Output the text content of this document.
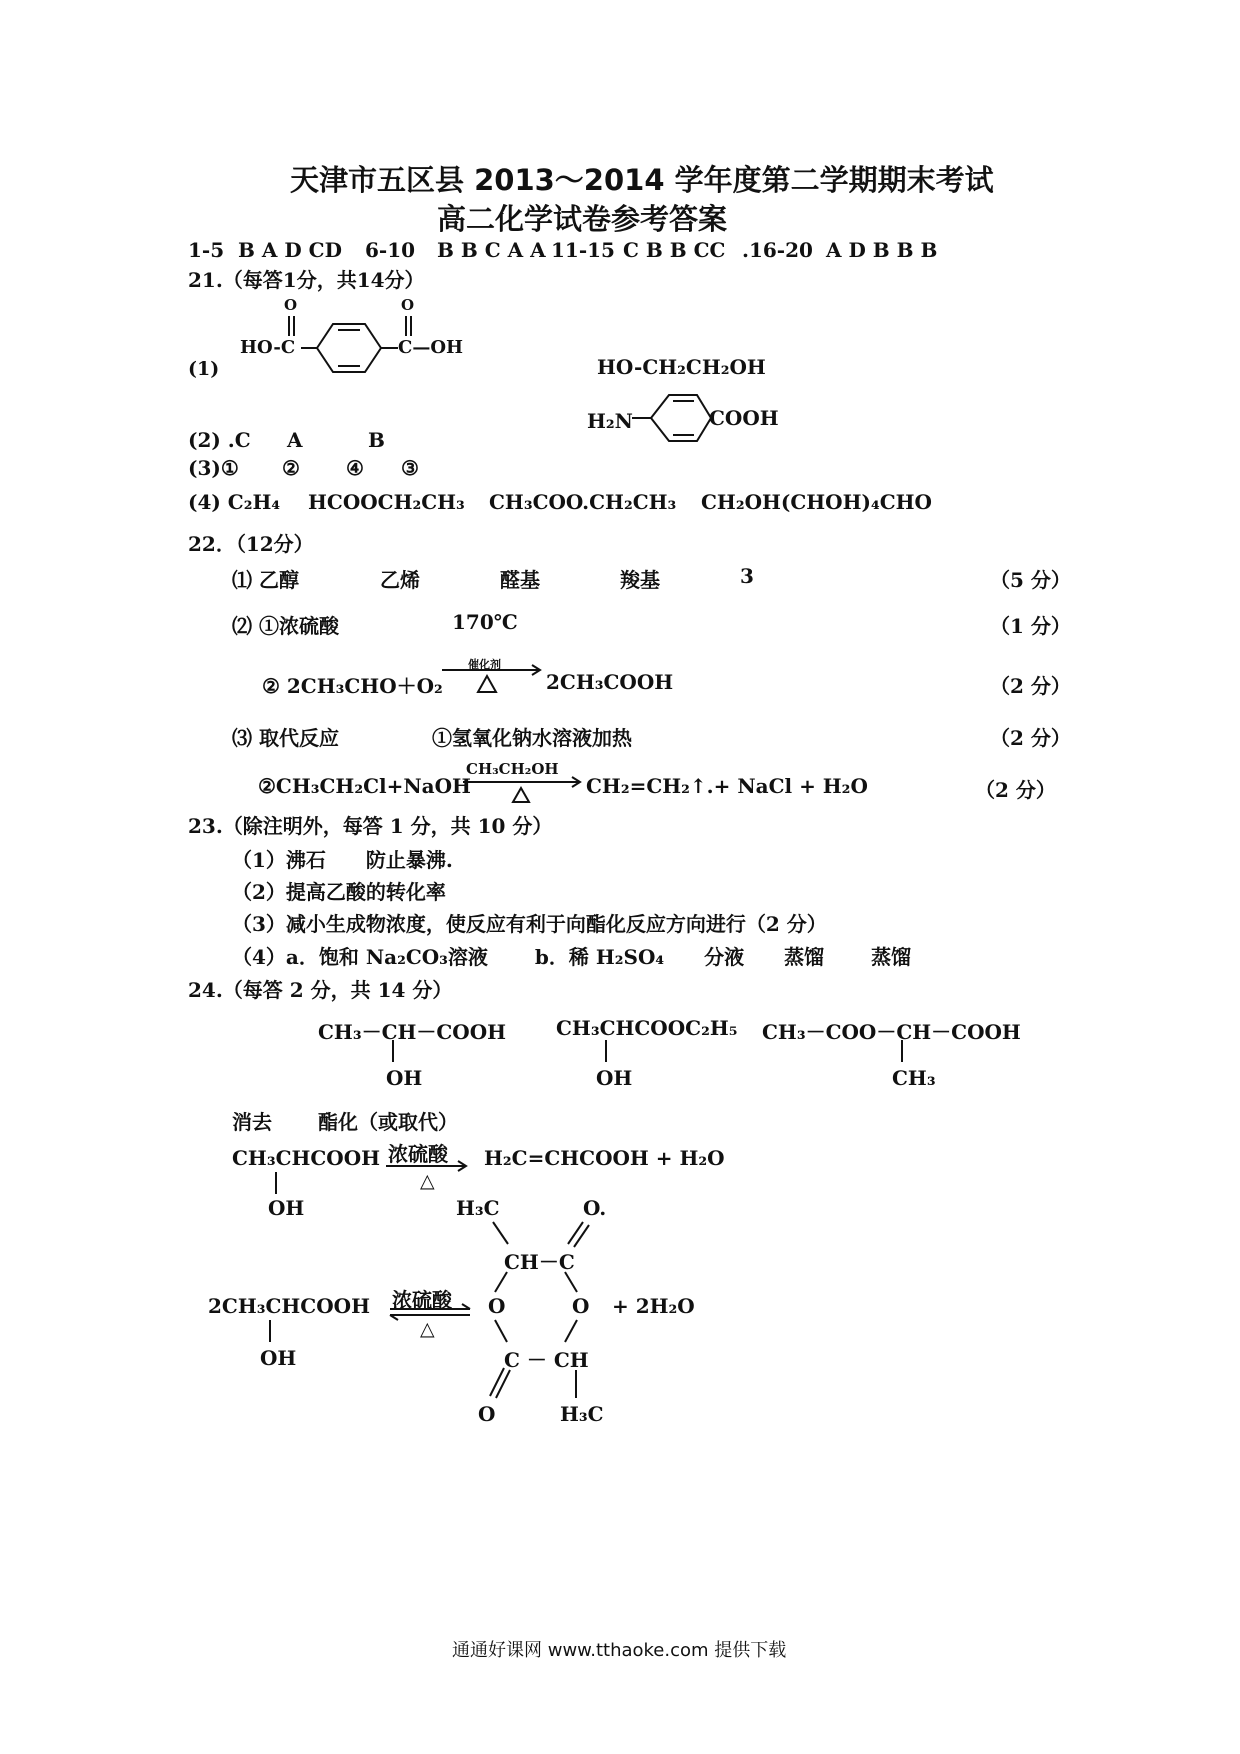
天津市五区县 2013～2014 学年度第二学期期末考试
高二化学试卷参考答案
1-5 B A D CD 6-10 B B C A A 11-15 C B B CC .16-20 A D B B B
21.（每答1分，共14分）
O	O
HO-C	C—OH
(1)	HO-CH₂CH₂OH
H₂N	COOH
(2) .C A	B
(3)① ② ④ ③
(4) C₂H₄ HCOOCH₂CH₃ CH₃COO.CH₂CH₃ CH₂OH(CHOH)₄CHO
22．（12分）
⑴ 乙醇	乙烯	醛基	羧基	3	（5 分）
⑵ ①浓硫酸	170℃	（1 分）
② 2CH₃CHO＋O₂
催化剂
2CH₃COOH	（2 分）
⑶ 取代反应	①氢氧化钠水溶液加热	（2 分）
②CH₃CH₂Cl+NaOH
CH₃CH₂OH
CH₂=CH₂↑.+ NaCl + H₂O	（2 分）
23.（除注明外，每答 1 分，共 10 分）
（1）沸石　　防止暴沸.
（2）提高乙酸的转化率
（3）减小生成物浓度，使反应有利于向酯化反应方向进行（2 分）
（4）a．饱和 Na₂CO₃溶液　　 b．稀 H₂SO₄　　分液　　蒸馏　　 蒸馏
24.（每答 2 分，共 14 分）
CH₃－CH－COOH
OH
CH₃CHCOOC₂H₅
OH
CH₃－COO－CH－COOH
CH₃
消去 酯化（或取代）
CH₃CHCOOH
OH
浓硫酸
△
H₂C=CHCOOH + H₂O
2CH₃CHCOOH
OH
浓硫酸
△
H₃C	O.
CH－C
O	O
C － CH
O	H₃C
+ 2H₂O
通通好课网 www.tthaoke.com 提供下载
